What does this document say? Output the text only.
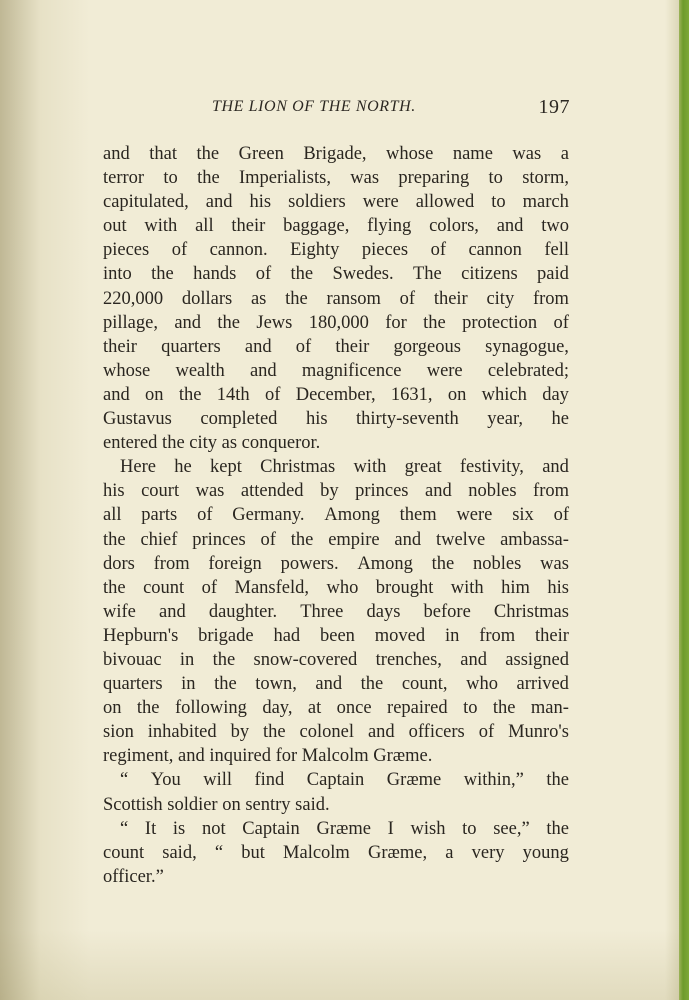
THE LION OF THE NORTH.	197
and that the Green Brigade, whose name was a
terror to the Imperialists, was preparing to storm,
capitulated, and his soldiers were allowed to march
out with all their baggage, flying colors, and two
pieces of cannon. Eighty pieces of cannon fell
into the hands of the Swedes. The citizens paid
220,000 dollars as the ransom of their city from
pillage, and the Jews 180,000 for the protection of
their quarters and of their gorgeous synagogue,
whose wealth and magnificence were celebrated;
and on the 14th of December, 1631, on which day
Gustavus completed his thirty-seventh year, he
entered the city as conqueror.
Here he kept Christmas with great festivity, and
his court was attended by princes and nobles from
all parts of Germany. Among them were six of
the chief princes of the empire and twelve ambassa-
dors from foreign powers. Among the nobles was
the count of Mansfeld, who brought with him his
wife and daughter. Three days before Christmas
Hepburn's brigade had been moved in from their
bivouac in the snow-covered trenches, and assigned
quarters in the town, and the count, who arrived
on the following day, at once repaired to the man-
sion inhabited by the colonel and officers of Munro's
regiment, and inquired for Malcolm Græme.
“ You will find Captain Græme within,” the
Scottish soldier on sentry said.
“ It is not Captain Græme I wish to see,” the
count said, “ but Malcolm Græme, a very young
officer.”
